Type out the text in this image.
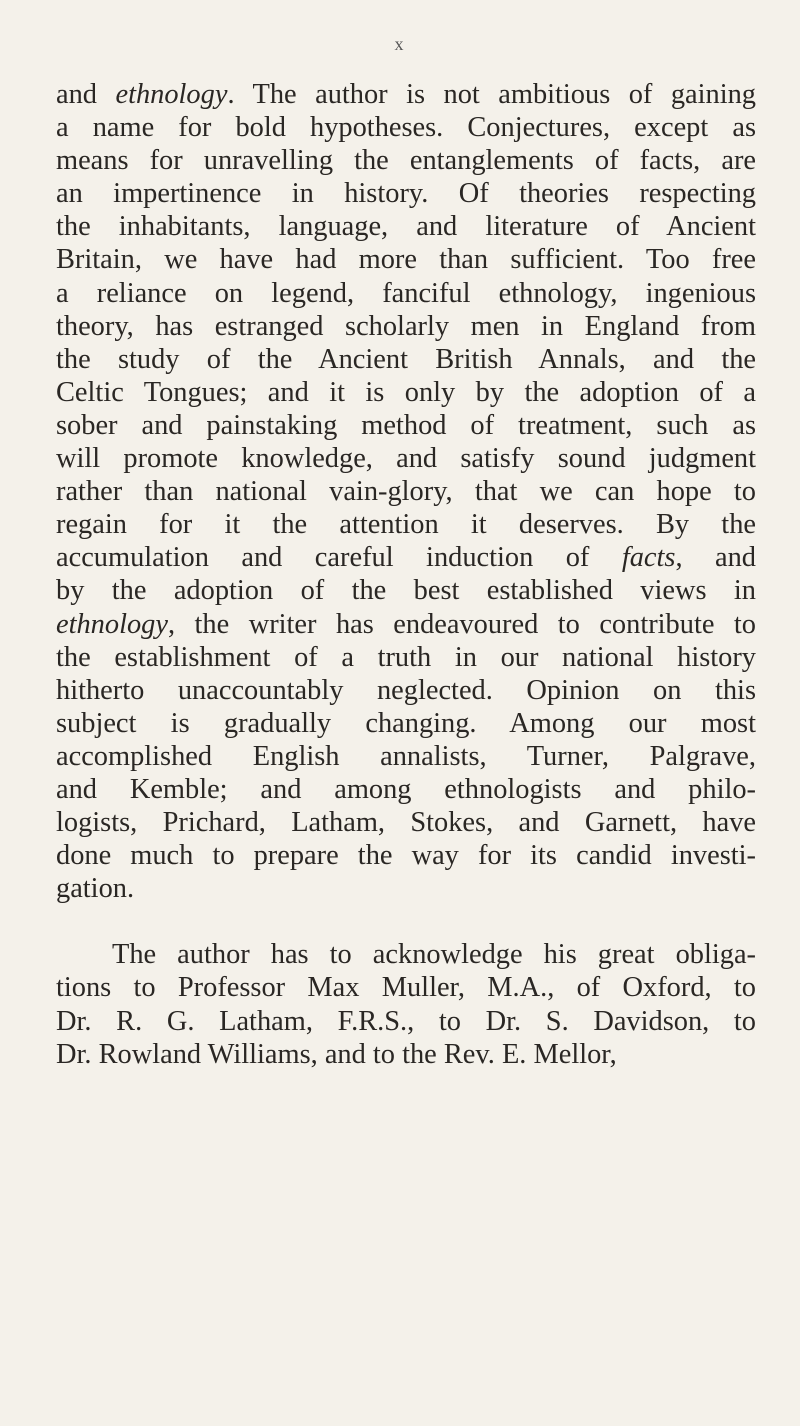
x
and ethnology. The author is not ambitious of gaining
a name for bold hypotheses. Conjectures, except as
means for unravelling the entanglements of facts, are
an impertinence in history. Of theories respecting
the inhabitants, language, and literature of Ancient
Britain, we have had more than sufficient. Too free
a reliance on legend, fanciful ethnology, ingenious
theory, has estranged scholarly men in England from
the study of the Ancient British Annals, and the
Celtic Tongues; and it is only by the adoption of a
sober and painstaking method of treatment, such as
will promote knowledge, and satisfy sound judgment
rather than national vain-glory, that we can hope to
regain for it the attention it deserves. By the
accumulation and careful induction of facts, and
by the adoption of the best established views in
ethnology, the writer has endeavoured to contribute to
the establishment of a truth in our national history
hitherto unaccountably neglected. Opinion on this
subject is gradually changing. Among our most
accomplished English annalists, Turner, Palgrave,
and Kemble; and among ethnologists and philo-
logists, Prichard, Latham, Stokes, and Garnett, have
done much to prepare the way for its candid investi-
gation.
The author has to acknowledge his great obliga-
tions to Professor Max Muller, M.A., of Oxford, to
Dr. R. G. Latham, F.R.S., to Dr. S. Davidson, to
Dr. Rowland Williams, and to the Rev. E. Mellor,
